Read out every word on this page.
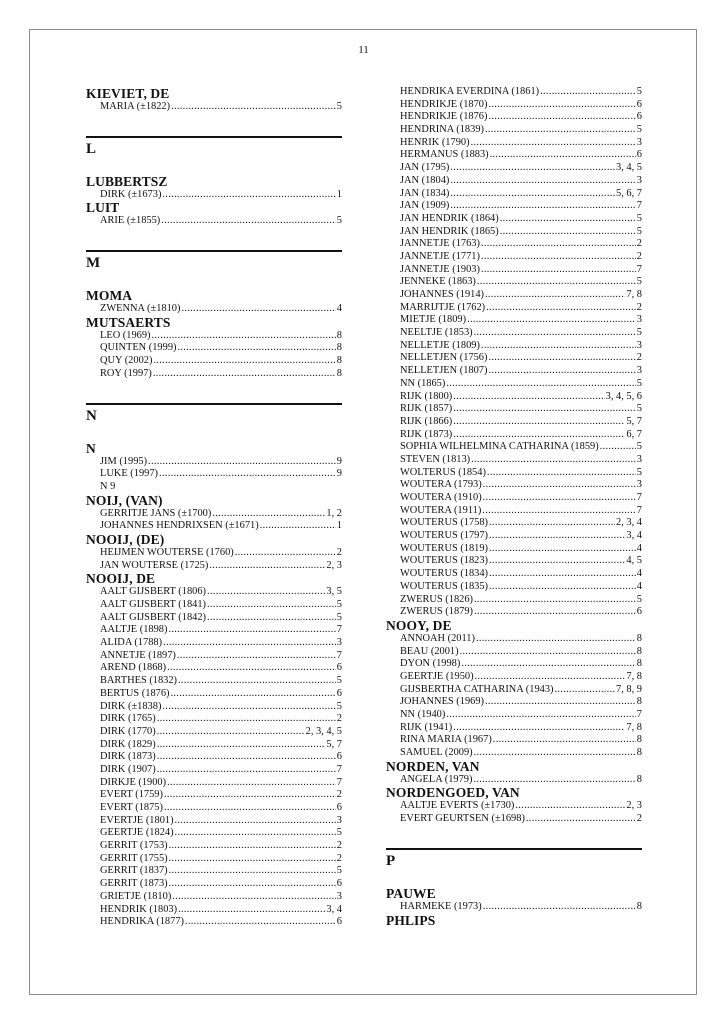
11
KIEVIET, DE
MARIA (±1822) .....	5
L
LUBBERTSZ
DIRK (±1673) .....	1
LUIT
ARIE (±1855) .....	5
M
MOMA
ZWENNA (±1810) .....	4
MUTSAERTS
LEO (1969) .....	8
QUINTEN (1999) .....	8
QUY (2002) .....	8
ROY (1997) .....	8
N
N
JIM (1995) .....	9
LUKE (1997) .....	9
N 9
NOIJ, (VAN)
GERRITJE JANS (±1700) .....	1, 2
JOHANNES HENDRIXSEN (±1671) .....	1
NOOIJ, (DE)
HEIJMEN WOUTERSE (1760) .....	2
JAN WOUTERSE (1725) .....	2, 3
NOOIJ, DE
AALT GIJSBERT (1806) .....	3, 5
AALT GIJSBERT (1841) .....	5
AALT GIJSBERT (1842) .....	5
AALTJE (1898) .....	7
ALIDA (1788) .....	3
ANNETJE (1897) .....	7
AREND (1868) .....	6
BARTHES (1832) .....	5
BERTUS (1876) .....	6
DIRK (±1838) .....	5
DIRK (1765) .....	2
DIRK (1770) .....	2, 3, 4, 5
DIRK (1829) .....	5, 7
DIRK (1873) .....	6
DIRK (1907) .....	7
DIRKJE (1900) .....	7
EVERT (1759) .....	2
EVERT (1875) .....	6
EVERTJE (1801) .....	3
GEERTJE (1824) .....	5
GERRIT (1753) .....	2
GERRIT (1755) .....	2
GERRIT (1837) .....	5
GERRIT (1873) .....	6
GRIETJE (1810) .....	3
HENDRIK (1803) .....	3, 4
HENDRIKA (1877) .....	6
HENDRIKA EVERDINA (1861) .....	5
HENDRIKJE (1870) .....	6
HENDRIKJE (1876) .....	6
HENDRINA (1839) .....	5
HENRIK (1790) .....	3
HERMANUS (1883) .....	6
JAN (1795) .....	3, 4, 5
JAN (1804) .....	3
JAN (1834) .....	5, 6, 7
JAN (1909) .....	7
JAN HENDRIK (1864) .....	5
JAN HENDRIK (1865) .....	5
JANNETJE (1763) .....	2
JANNETJE (1771) .....	2
JANNETJE (1903) .....	7
JENNEKE (1863) .....	5
JOHANNES (1914) .....	7, 8
MARRIJTJE (1762) .....	2
MIETJE (1809) .....	3
NEELTJE (1853) .....	5
NELLETJE (1809) .....	3
NELLETJEN (1756) .....	2
NELLETJEN (1807) .....	3
NN (1865) .....	5
RIJK (1800) .....	3, 4, 5, 6
RIJK (1857) .....	5
RIJK (1866) .....	5, 7
RIJK (1873) .....	6, 7
SOPHIA WILHELMINA CATHARINA (1859) .....	5
STEVEN (1813) .....	3
WOLTERUS (1854) .....	5
WOUTERA (1793) .....	3
WOUTERA (1910) .....	7
WOUTERA (1911) .....	7
WOUTERUS (1758) .....	2, 3, 4
WOUTERUS (1797) .....	3, 4
WOUTERUS (1819) .....	4
WOUTERUS (1823) .....	4, 5
WOUTERUS (1834) .....	4
WOUTERUS (1835) .....	4
ZWERUS (1826) .....	5
ZWERUS (1879) .....	6
NOOY, DE
ANNOAH (2011) .....	8
BEAU (2001) .....	8
DYON (1998) .....	8
GEERTJE (1950) .....	7, 8
GIJSBERTHA CATHARINA (1943) .....	7, 8, 9
JOHANNES (1969) .....	8
NN (1940) .....	7
RIJK (1941) .....	7, 8
RINA MARIA (1967) .....	8
SAMUEL (2009) .....	8
NORDEN, VAN
ANGELA (1979) .....	8
NORDENGOED, VAN
AALTJE EVERTS (±1730) .....	2, 3
EVERT GEURTSEN (±1698) .....	2
P
PAUWE
HARMEKE (1973) .....	8
PHLIPS
